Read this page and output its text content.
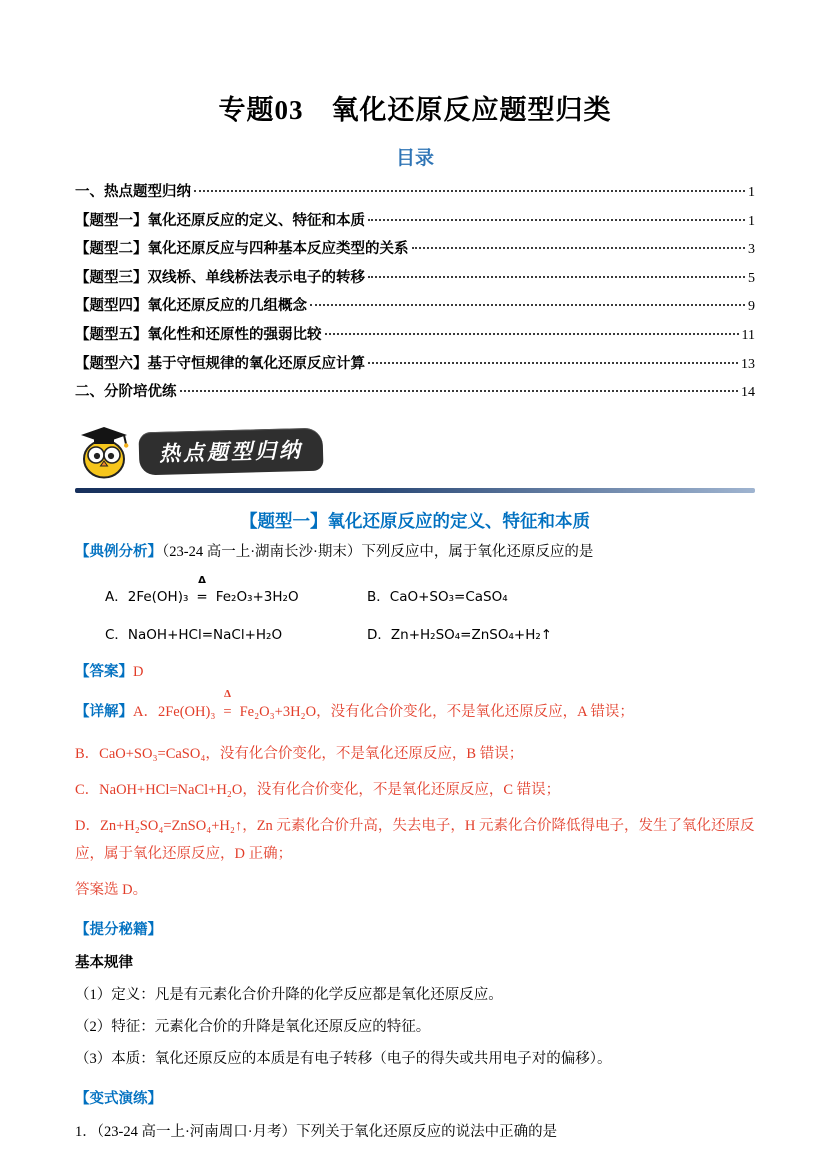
专题03　氧化还原反应题型归类
目录
一、热点题型归纳	1
【题型一】氧化还原反应的定义、特征和本质	1
【题型二】氧化还原反应与四种基本反应类型的关系	3
【题型三】双线桥、单线桥法表示电子的转移	5
【题型四】氧化还原反应的几组概念	9
【题型五】氧化性和还原性的强弱比较	11
【题型六】基于守恒规律的氧化还原反应计算	13
二、分阶培优练	14
热点题型归纳
【题型一】氧化还原反应的定义、特征和本质

【典例分析】（23-24 高一上·湖南长沙·期末）下列反应中，属于氧化还原反应的是

A．2Fe(OH)₃
Δ
= Fe₂O₃+3H₂O	B．CaO+SO₃=CaSO₄
C．NaOH+HCl=NaCl+H₂O	D．Zn+H₂SO₄=ZnSO₄+H₂↑

【答案】D

【详解】A．2Fe(OH)₃
Δ
= Fe₂O₃+3H₂O，没有化合价变化，不是氧化还原反应，A 错误；

B．CaO+SO₃=CaSO₄，没有化合价变化，不是氧化还原反应，B 错误；

C．NaOH+HCl=NaCl+H₂O，没有化合价变化，不是氧化还原反应，C 错误；

D．Zn+H₂SO₄=ZnSO₄+H₂↑，Zn 元素化合价升高，失去电子，H 元素化合价降低得电子，发生了氧化还原反应，属于氧化还原反应，D 正确；

答案选 D。

【提分秘籍】

基本规律

（1）定义：凡是有元素化合价升降的化学反应都是氧化还原反应。

（2）特征：元素化合价的升降是氧化还原反应的特征。

（3）本质：氧化还原反应的本质是有电子转移（电子的得失或共用电子对的偏移）。

【变式演练】

1．（23-24 高一上·河南周口·月考）下列关于氧化还原反应的说法中正确的是
